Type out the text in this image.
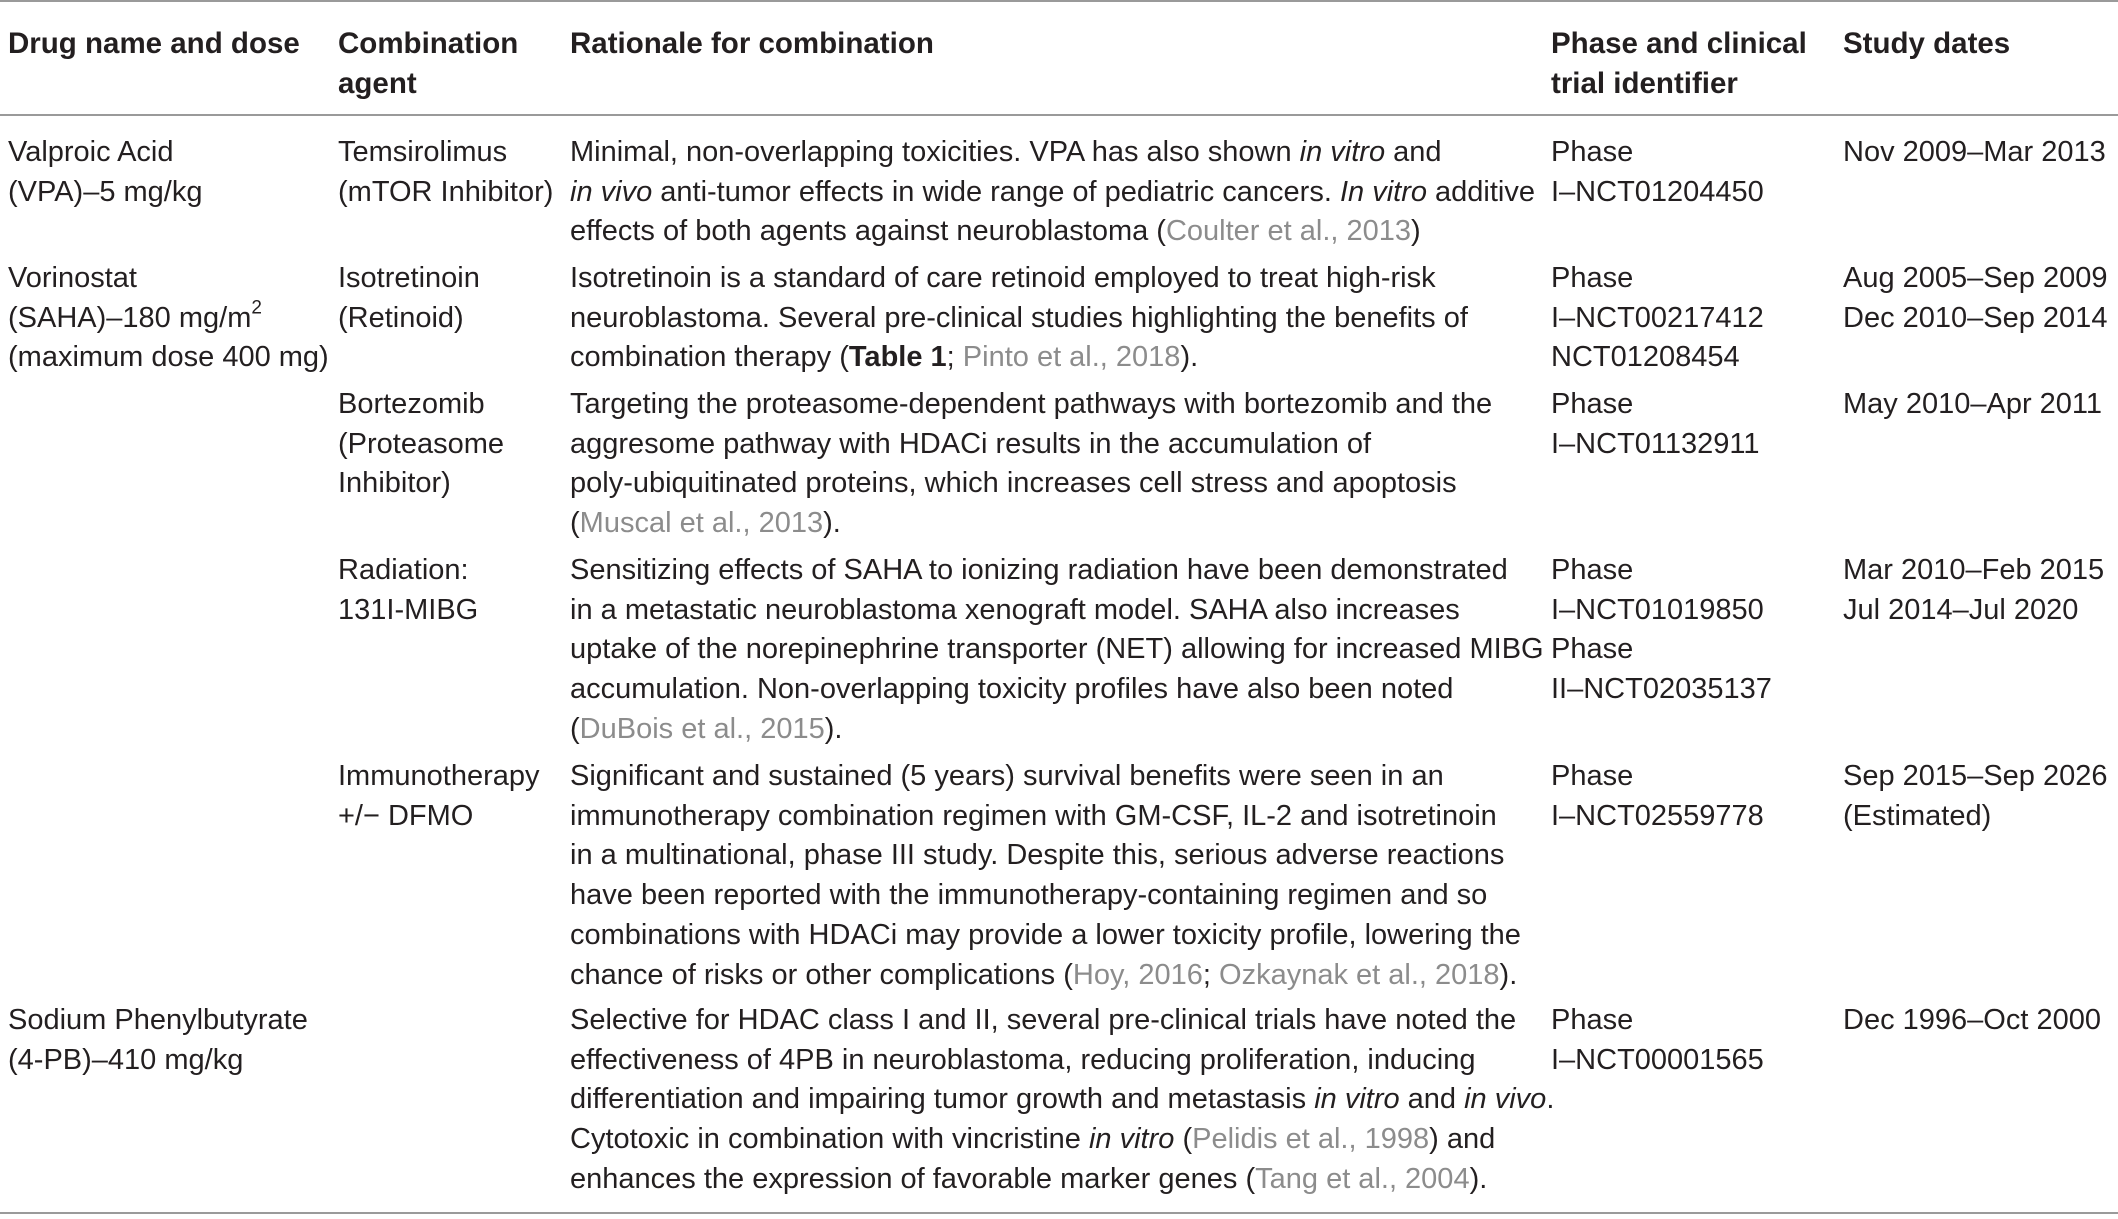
Drug name and dose Combination
agent
Rationale for combination	Phase and clinical
trial identifier
Study dates
Valproic Acid
(VPA)–5 mg/kg
Temsirolimus
(mTOR Inhibitor)
Minimal, non-overlapping toxicities. VPA has also shown in vitro and
in vivo anti-tumor effects in wide range of pediatric cancers. In vitro additive
effects of both agents against neuroblastoma (Coulter et al., 2013)
Phase
I–NCT01204450
Nov 2009–Mar 2013
Vorinostat
(SAHA)–180 $mg/m^2$
(maximum dose 400 mg)
Isotretinoin
(Retinoid)
Isotretinoin is a standard of care retinoid employed to treat high-risk
neuroblastoma. Several pre-clinical studies highlighting the benefits of
combination therapy (Table 1; Pinto et al., 2018).
Phase
I–NCT00217412
NCT01208454
Aug 2005–Sep 2009
Dec 2010–Sep 2014
Bortezomib
(Proteasome
Inhibitor)
Targeting the proteasome-dependent pathways with bortezomib and the
aggresome pathway with HDACi results in the accumulation of
poly-ubiquitinated proteins, which increases cell stress and apoptosis
(Muscal et al., 2013).
Phase
I–NCT01132911
May 2010–Apr 2011
Radiation:
131I-MIBG
Sensitizing effects of SAHA to ionizing radiation have been demonstrated
in a metastatic neuroblastoma xenograft model. SAHA also increases
uptake of the norepinephrine transporter (NET) allowing for increased MIBG
accumulation. Non-overlapping toxicity profiles have also been noted
(DuBois et al., 2015).
Phase
I–NCT01019850
Phase
II–NCT02035137
Mar 2010–Feb 2015
Jul 2014–Jul 2020
Immunotherapy
+/− DFMO
Significant and sustained (5 years) survival benefits were seen in an
immunotherapy combination regimen with GM-CSF, IL-2 and isotretinoin
in a multinational, phase III study. Despite this, serious adverse reactions
have been reported with the immunotherapy-containing regimen and so
combinations with HDACi may provide a lower toxicity profile, lowering the
chance of risks or other complications (Hoy, 2016; Ozkaynak et al., 2018).
Phase
I–NCT02559778
Sep 2015–Sep 2026
(Estimated)
Sodium Phenylbutyrate
(4-PB)–410 mg/kg
Selective for HDAC class I and II, several pre-clinical trials have noted the
effectiveness of 4PB in neuroblastoma, reducing proliferation, inducing
differentiation and impairing tumor growth and metastasis in vitro and in vivo.
Cytotoxic in combination with vincristine in vitro (Pelidis et al., 1998) and
enhances the expression of favorable marker genes (Tang et al., 2004).
Phase
I–NCT00001565
Dec 1996–Oct 2000
